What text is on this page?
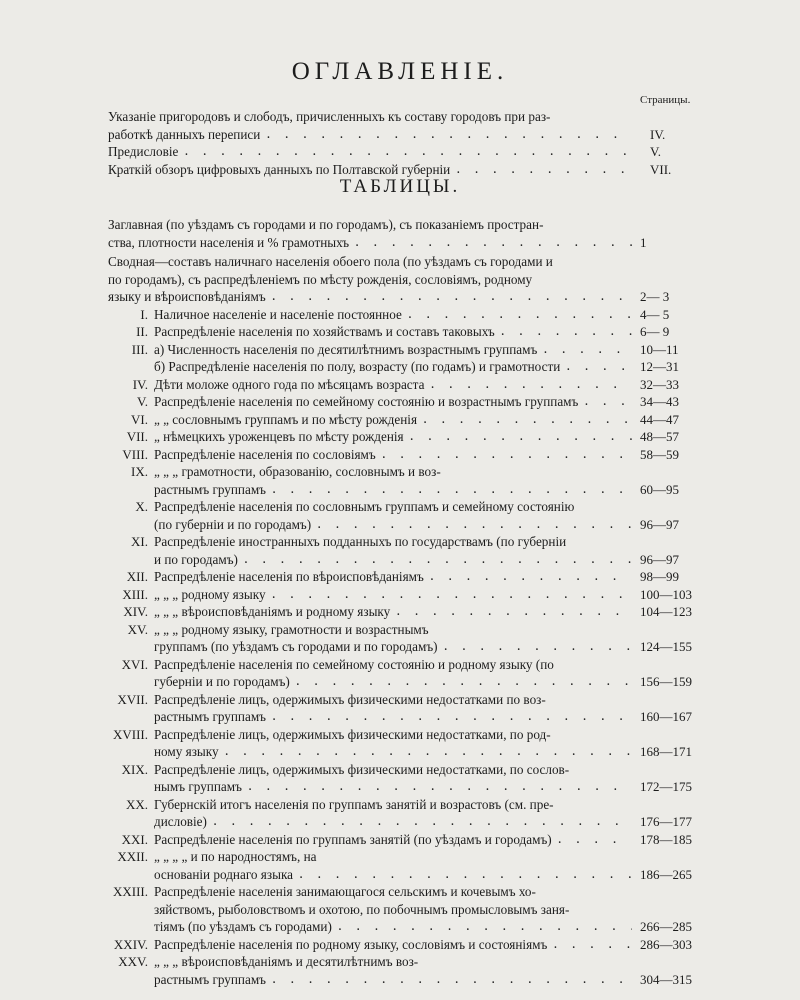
ОГЛАВЛЕНІЕ.
Страницы.
Указаніе пригородовъ и слободъ, причисленныхъ къ составу городовъ при раз-
работкѣ данныхъ переписи . . .	IV.
Предисловіе . . .	V.
Краткій обзоръ цифровыхъ данныхъ по Полтавской губерніи . . .	VII.
ТАБЛИЦЫ.
Заглавная (по уѣздамъ съ городами и по городамъ), съ показаніемъ простран-
ства, плотности населенія и % грамотныхъ . . .	1
Сводная—составъ наличнаго населенія обоего пола (по уѣздамъ съ городами и
по городамъ), съ распредѣленіемъ по мѣсту рожденія, сословіямъ, родному
языку и вѣроисповѣданіямъ . . .	2— 3
I. Наличное населеніе и населеніе постоянное . . .	4— 5
II. Распредѣленіе населенія по хозяйствамъ и составъ таковыхъ . . .	6— 9
III. а) Численность населенія по десятилѣтнимъ возрастнымъ группамъ . . .	10—11
б) Распредѣленіе населенія по полу, возрасту (по годамъ) и грамотности . . .	12—31
IV. Дѣти моложе одного года по мѣсяцамъ возраста . . .	32—33
V. Распредѣленіе населенія по семейному состоянію и возрастнымъ группамъ . . .	34—43
VI. „ „ сословнымъ группамъ и по мѣсту рожденія . . .	44—47
VII. „ нѣмецкихъ уроженцевъ по мѣсту рожденія . . .	48—57
VIII. Распредѣленіе населенія по сословіямъ . . .	58—59
IX. „ „ „ грамотности, образованію, сословнымъ и воз-
растнымъ группамъ . . .	60—95
X. Распредѣленіе населенія по сословнымъ группамъ и семейному состоянію
(по губерніи и по городамъ) . . .	96—97
XI. Распредѣленіе иностранныхъ подданныхъ по государствамъ (по губерніи
и по городамъ) . . .	96—97
XII. Распредѣленіе населенія по вѣроисповѣданіямъ . . .	98—99
XIII. „ „ „ родному языку . . .	100—103
XIV. „ „ „ вѣроисповѣданіямъ и родному языку . . .	104—123
XV. „ „ „ родному языку, грамотности и возрастнымъ
группамъ (по уѣздамъ съ городами и по городамъ) . . .	124—155
XVI. Распредѣленіе населенія по семейному состоянію и родному языку (по
губерніи и по городамъ) . . .	156—159
XVII. Распредѣленіе лицъ, одержимыхъ физическими недостатками по воз-
растнымъ группамъ . . .	160—167
XVIII. Распредѣленіе лицъ, одержимыхъ физическими недостатками, по род-
ному языку . . .	168—171
XIX. Распредѣленіе лицъ, одержимыхъ физическими недостатками, по сослов-
нымъ группамъ . . .	172—175
XX. Губернскій итогъ населенія по группамъ занятій и возрастовъ (см. пре-
дисловіе) . . .	176—177
XXI. Распредѣленіе населенія по группамъ занятій (по уѣздамъ и городамъ) . . .	178—185
XXII. „ „ „ „ и по народностямъ, на
основаніи роднаго языка . . .	186—265
XXIII. Распредѣленіе населенія занимающагося сельскимъ и кочевымъ хо-
зяйствомъ, рыболовствомъ и охотою, по побочнымъ промысловымъ заня-
тіямъ (по уѣздамъ съ городами) . . .	266—285
XXIV. Распредѣленіе населенія по родному языку, сословіямъ и состояніямъ . . .	286—303
XXV. „ „ „ вѣроисповѣданіямъ и десятилѣтнимъ воз-
растнымъ группамъ . . .	304—315
